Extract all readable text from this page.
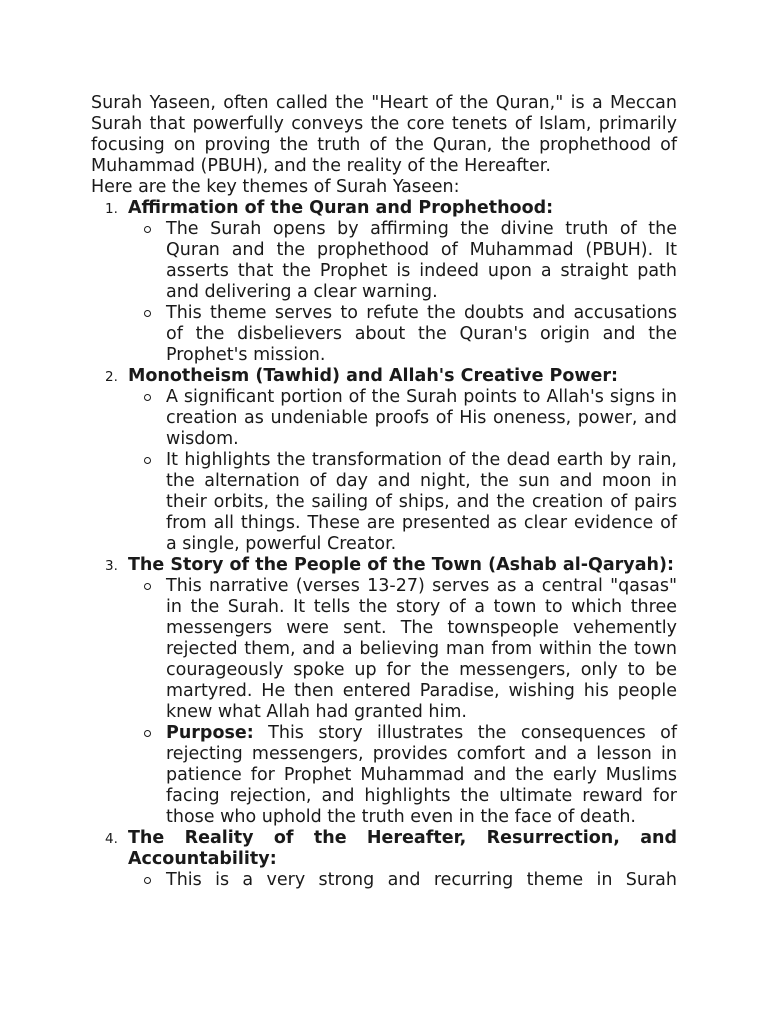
Surah Yaseen, often called the "Heart of the Quran," is a Meccan Surah that powerfully conveys the core tenets of Islam, primarily focusing on proving the truth of the Quran, the prophethood of Muhammad (PBUH), and the reality of the Hereafter.

Here are the key themes of Surah Yaseen:

1. Affirmation of the Quran and Prophethood:

The Surah opens by affirming the divine truth of the Quran and the prophethood of Muhammad (PBUH). It asserts that the Prophet is indeed upon a straight path and delivering a clear warning.

This theme serves to refute the doubts and accusations of the disbelievers about the Quran's origin and the Prophet's mission.

2. Monotheism (Tawhid) and Allah's Creative Power:

A significant portion of the Surah points to Allah's signs in creation as undeniable proofs of His oneness, power, and wisdom.

It highlights the transformation of the dead earth by rain, the alternation of day and night, the sun and moon in their orbits, the sailing of ships, and the creation of pairs from all things. These are presented as clear evidence of a single, powerful Creator.

3. The Story of the People of the Town (Ashab al-Qaryah):

This narrative (verses 13-27) serves as a central "qasas" in the Surah. It tells the story of a town to which three messengers were sent. The townspeople vehemently rejected them, and a believing man from within the town courageously spoke up for the messengers, only to be martyred. He then entered Paradise, wishing his people knew what Allah had granted him.

Purpose: This story illustrates the consequences of rejecting messengers, provides comfort and a lesson in patience for Prophet Muhammad and the early Muslims facing rejection, and highlights the ultimate reward for those who uphold the truth even in the face of death.

4. The Reality of the Hereafter, Resurrection, and Accountability:

This is a very strong and recurring theme in Surah
